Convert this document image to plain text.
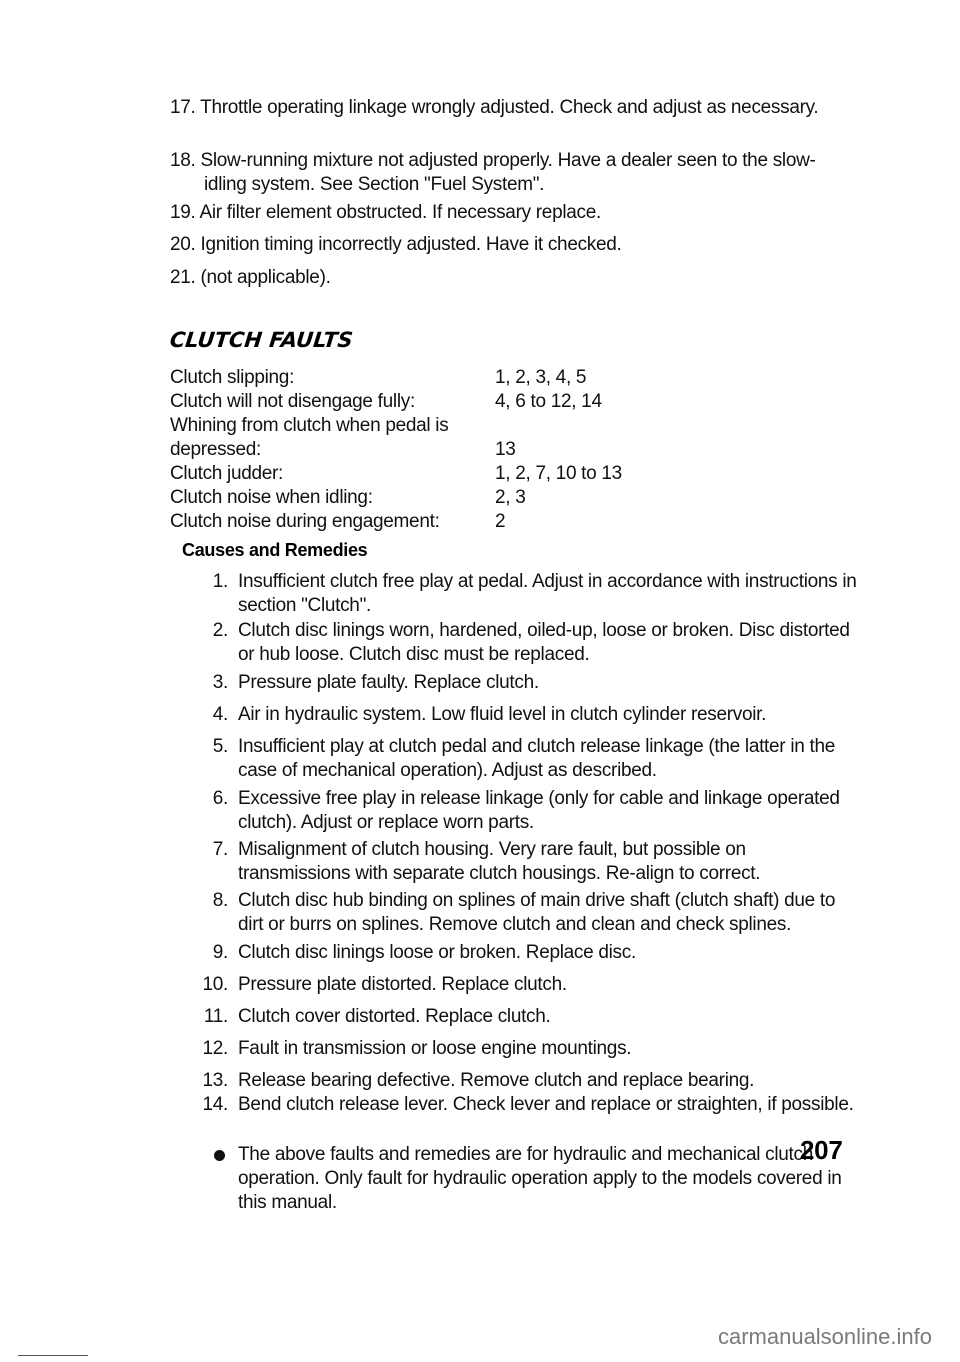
17. Throttle operating linkage wrongly adjusted. Check and adjust as necessary.
18. Slow-running mixture not adjusted properly. Have a dealer seen to the slow-idling system. See Section "Fuel System".
19. Air filter element obstructed. If necessary replace.
20. Ignition timing incorrectly adjusted. Have it checked.
21. (not applicable).
CLUTCH FAULTS
Clutch slipping:	1, 2, 3, 4, 5
Clutch will not disengage fully:	4, 6 to 12, 14
Whining from clutch when pedal is
depressed:	13
Clutch judder:	1, 2, 7, 10 to 13
Clutch noise when idling:	2, 3
Clutch noise during engagement:	2
Causes and Remedies
1. Insufficient clutch free play at pedal. Adjust in accordance with instructions in section "Clutch".
2. Clutch disc linings worn, hardened, oiled-up, loose or broken. Disc distorted or hub loose. Clutch disc must be replaced.
3. Pressure plate faulty. Replace clutch.
4. Air in hydraulic system. Low fluid level in clutch cylinder reservoir.
5. Insufficient play at clutch pedal and clutch release linkage (the latter in the case of mechanical operation). Adjust as described.
6. Excessive free play in release linkage (only for cable and linkage operated clutch). Adjust or replace worn parts.
7. Misalignment of clutch housing. Very rare fault, but possible on transmissions with separate clutch housings. Re-align to correct.
8. Clutch disc hub binding on splines of main drive shaft (clutch shaft) due to dirt or burrs on splines. Remove clutch and clean and check splines.
9. Clutch disc linings loose or broken. Replace disc.
10. Pressure plate distorted. Replace clutch.
11. Clutch cover distorted. Replace clutch.
12. Fault in transmission or loose engine mountings.
13. Release bearing defective. Remove clutch and replace bearing.
14. Bend clutch release lever. Check lever and replace or straighten, if possible.
The above faults and remedies are for hydraulic and mechanical clutch operation. Only fault for hydraulic operation apply to the models covered in this manual.
207
carmanualsonline.info
